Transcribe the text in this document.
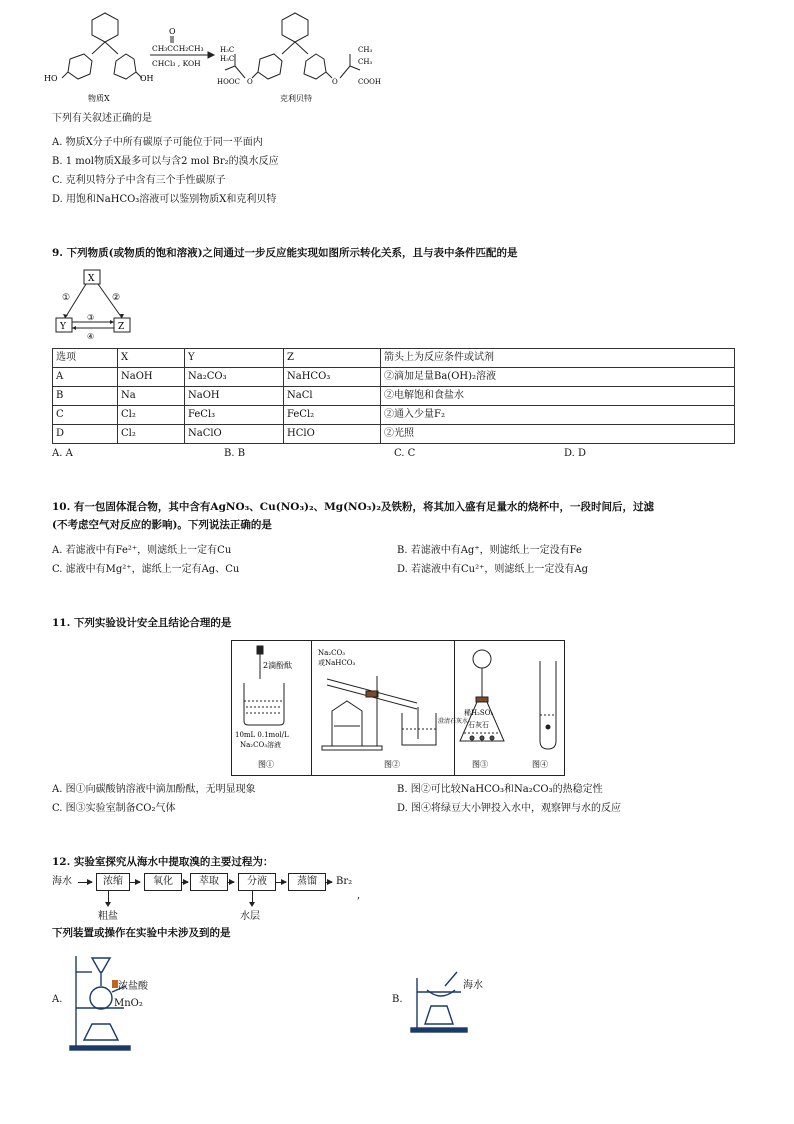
HO	OH
O
CH₃CCH₂CH₃
CHCl₃ , KOH
H₃C
H₃C
HOOC O	O
CH₃
CH₃
COOH
物质X	克利贝特
下列有关叙述正确的是
A. 物质X分子中所有碳原子可能位于同一平面内
B. 1 mol物质X最多可以与含2 mol Br₂的溴水反应
C. 克利贝特分子中含有三个手性碳原子
D. 用饱和NaHCO₃溶液可以鉴别物质X和克利贝特
9. 下列物质(或物质的饱和溶液)之间通过一步反应能实现如图所示转化关系，且与表中条件匹配的是
X
Y	Z
①	②
③
④
选项	X	Y	Z	箭头上为反应条件或试剂
A	NaOH	Na₂CO₃	NaHCO₃	②滴加足量Ba(OH)₂溶液
B	Na	NaOH	NaCl	②电解饱和食盐水
C	Cl₂	FeCl₃	FeCl₂	②通入少量F₂
D	Cl₂	NaClO	HClO	②光照
A. A	B. B	C. C	D. D
10. 有一包固体混合物，其中含有AgNO₃、Cu(NO₃)₂、Mg(NO₃)₂及铁粉，将其加入盛有足量水的烧杯中，一段时间后，过滤
(不考虑空气对反应的影响)。下列说法正确的是
A. 若滤液中有Fe²⁺，则滤纸上一定有Cu	B. 若滤液中有Ag⁺，则滤纸上一定没有Fe
C. 滤液中有Mg²⁺，滤纸上一定有Ag、Cu	D. 若滤液中有Cu²⁺，则滤纸上一定没有Ag
11. 下列实验设计安全且结论合理的是
2滴酚酞
10mL 0.1mol/L
Na₂CO₃溶液
Na₂CO₃
或NaHCO₃
澄清石灰水
稀H₂SO₄
石灰石
图①	图②	图③	图④
A. 图①向碳酸钠溶液中滴加酚酞，无明显现象	B. 图②可比较NaHCO₃和Na₂CO₃的热稳定性
C. 图③实验室制备CO₂气体	D. 图④将绿豆大小钾投入水中，观察钾与水的反应
12. 实验室探究从海水中提取溴的主要过程为：
海水	浓缩	氧化	萃取	分液	蒸馏	Br₂
,
粗盐	水层
下列装置或操作在实验中未涉及到的是
A.
浓盐酸
MnO₂	B.
海水
